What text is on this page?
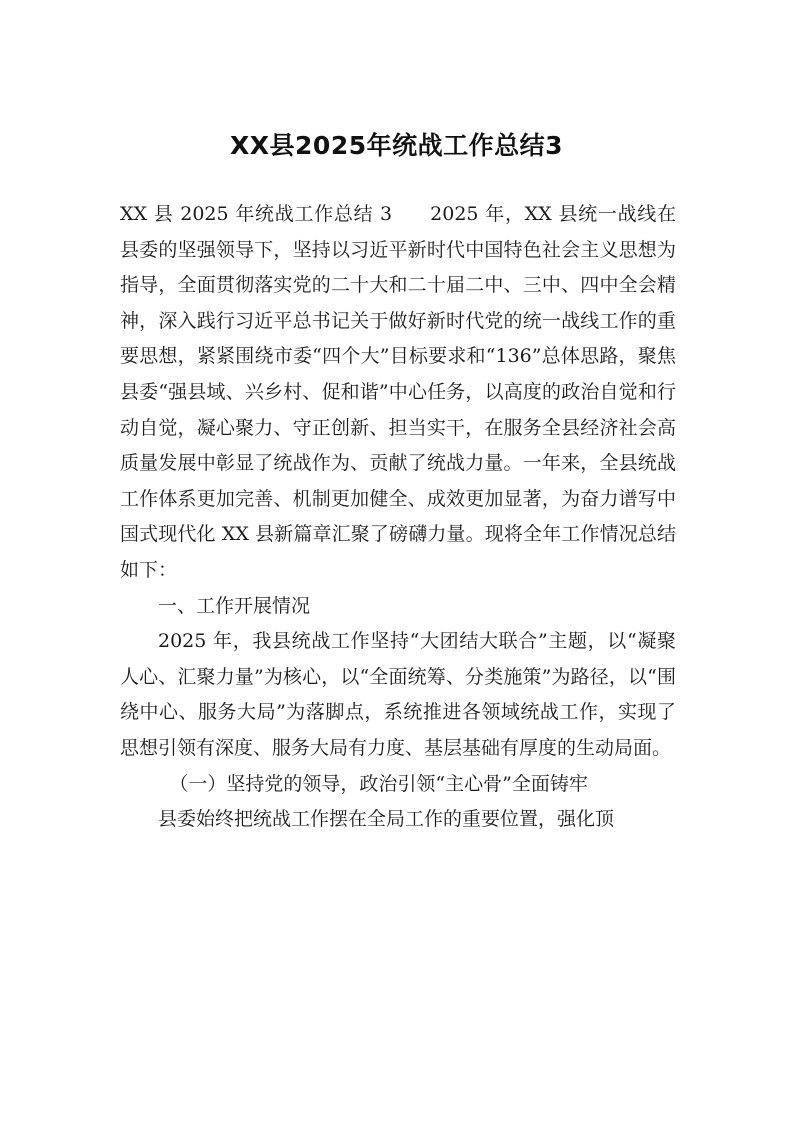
XX县2025年统战工作总结3

XX 县 2025 年统战工作总结 3 2025 年，XX 县统一战线在县委的坚强领导下，坚持以习近平新时代中国特色社会主义思想为指导，全面贯彻落实党的二十大和二十届二中、三中、四中全会精神，深入践行习近平总书记关于做好新时代党的统一战线工作的重要思想，紧紧围绕市委“四个大”目标要求和“136”总体思路，聚焦县委“强县域、兴乡村、促和谐”中心任务，以高度的政治自觉和行动自觉，凝心聚力、守正创新、担当实干，在服务全县经济社会高质量发展中彰显了统战作为、贡献了统战力量。一年来，全县统战工作体系更加完善、机制更加健全、成效更加显著，为奋力谱写中国式现代化 XX 县新篇章汇聚了磅礴力量。现将全年工作情况总结如下：

一、工作开展情况

2025 年，我县统战工作坚持“大团结大联合”主题，以“凝聚人心、汇聚力量”为核心，以“全面统筹、分类施策”为路径，以“围绕中心、服务大局”为落脚点，系统推进各领域统战工作，实现了思想引领有深度、服务大局有力度、基层基础有厚度的生动局面。

（一）坚持党的领导，政治引领“主心骨”全面铸牢

县委始终把统战工作摆在全局工作的重要位置，强化顶
